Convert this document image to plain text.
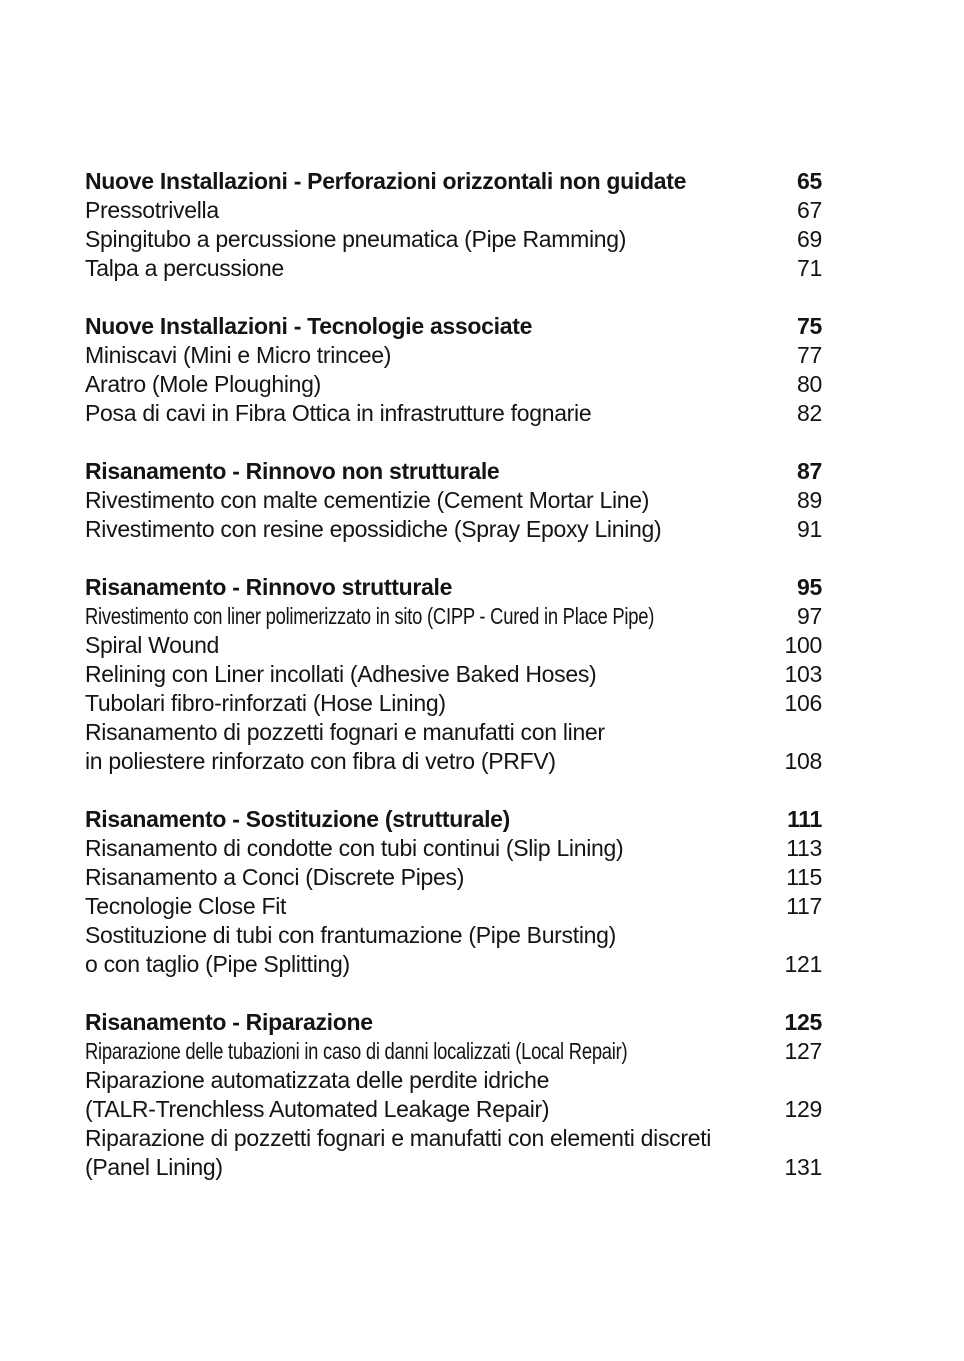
Nuove Installazioni - Perforazioni orizzontali non guidate	65
Pressotrivella	67
Spingitubo a percussione pneumatica (Pipe Ramming)	69
Talpa a percussione	71
Nuove Installazioni - Tecnologie associate	75
Miniscavi (Mini e Micro trincee)	77
Aratro (Mole Ploughing)	80
Posa di cavi in Fibra Ottica in infrastrutture fognarie	82
Risanamento - Rinnovo non strutturale	87
Rivestimento con malte cementizie (Cement Mortar Line)	89
Rivestimento con resine epossidiche (Spray Epoxy Lining)	91
Risanamento - Rinnovo strutturale	95
Rivestimento con liner polimerizzato in sito (CIPP - Cured in Place Pipe)	97
Spiral Wound	100
Relining con Liner incollati (Adhesive Baked Hoses)	103
Tubolari fibro-rinforzati (Hose Lining)	106
Risanamento di pozzetti fognari e manufatti con liner
in poliestere rinforzato con fibra di vetro (PRFV)	108
Risanamento - Sostituzione (strutturale)	111
Risanamento di condotte con tubi continui (Slip Lining)	113
Risanamento a Conci (Discrete Pipes)	115
Tecnologie Close Fit	117
Sostituzione di tubi con frantumazione (Pipe Bursting)
o con taglio (Pipe Splitting)	121
Risanamento - Riparazione	125
Riparazione delle tubazioni in caso di danni localizzati (Local Repair)	127
Riparazione automatizzata delle perdite idriche
(TALR-Trenchless Automated Leakage Repair)	129
Riparazione di pozzetti fognari e manufatti con elementi discreti
(Panel Lining)	131
